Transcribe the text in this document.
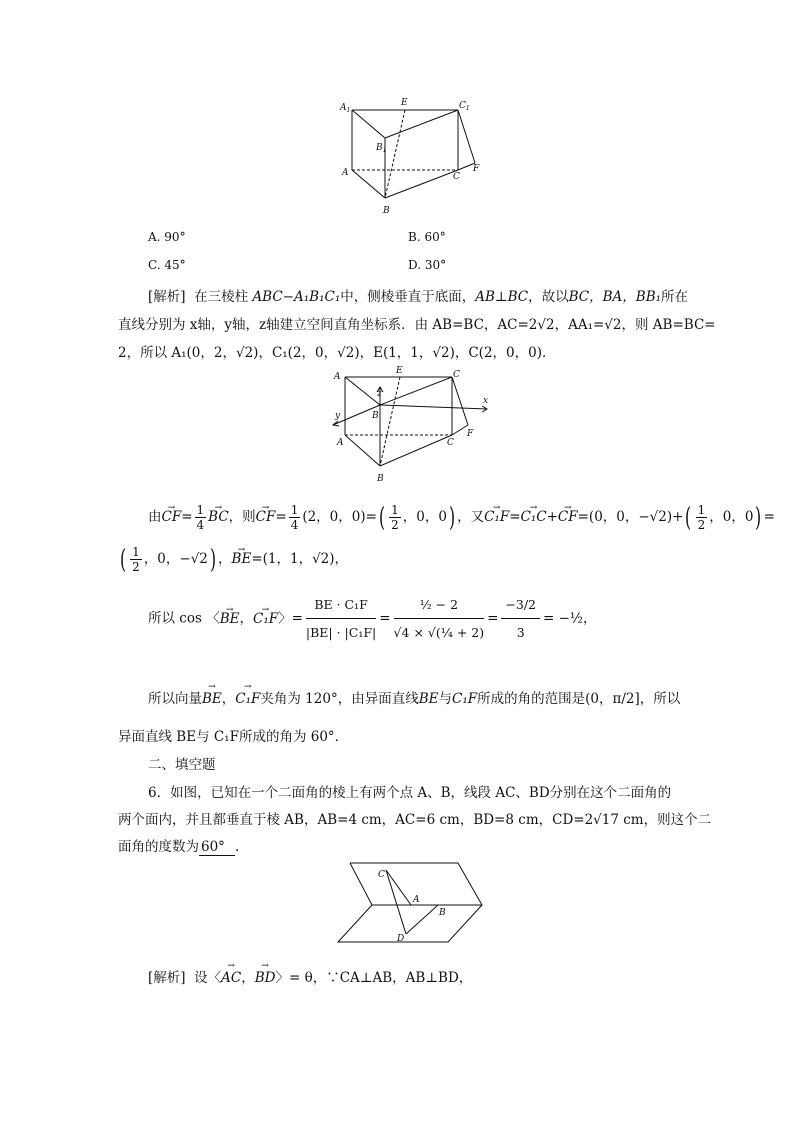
$A_1$
E	$C_1$
$B_1$
A	C
F
B
A. 90°	B. 60°
C. 45°	D. 30°
[解析] 在三棱柱 ABC−A₁B₁C₁中，侧棱垂直于底面，AB⊥BC，故以BC，BA，BB₁所在
直线分别为 x轴，y轴，z轴建立空间直角坐标系．由 AB=BC，AC=2√2，AA₁=√2，则 AB=BC=
2，所以 A₁(0，2，√2)，C₁(2，0，√2)，E(1，1，√2)，C(2，0，0)．
A
E	C
z
B
y
x
A	C
F
B
由→ $CF= \frac{1}{4}$
→ BC，则→ $CF= \frac{1}{4} (2$，0，$0)=( \frac{1}{2}$ ，0，0) ，又→ C₁F=→ C₁C+→ CF=(0，0，$-√2)+( \frac{1}{2}$ ，0，0) =
( $\frac{1}{2}$ ，0，−√2) ，→ BE=(1，1，√2)，
所以 cos 〈→ BE，→ C₁F〉= $\frac{\text{BE · C₁F}}{\text{|BE| · |C₁F|}} = \frac{\text{½ − 2}}{\text{√4 × √(¼ + 2)}} = \frac{-3/2}{3}$ = −½，
所以向量→ BE，→ C₁F夹角为 120°，由异面直线BE与C₁F所成的角的范围是(0，π/2]，所以
异面直线 BE与 C₁F所成的角为 60°．
二、填空题
6．如图，已知在一个二面角的棱上有两个点 A、B，线段 AC、BD分别在这个二面角的
两个面内，并且都垂直于棱 AB，AB=4 cm，AC=6 cm，BD=8 cm，CD=2√17 cm，则这个二
面角的度数为 60° ．
C
A
B
D
[解析] 设〈→ AC，→ BD〉= θ，∵CA⊥AB，AB⊥BD，
